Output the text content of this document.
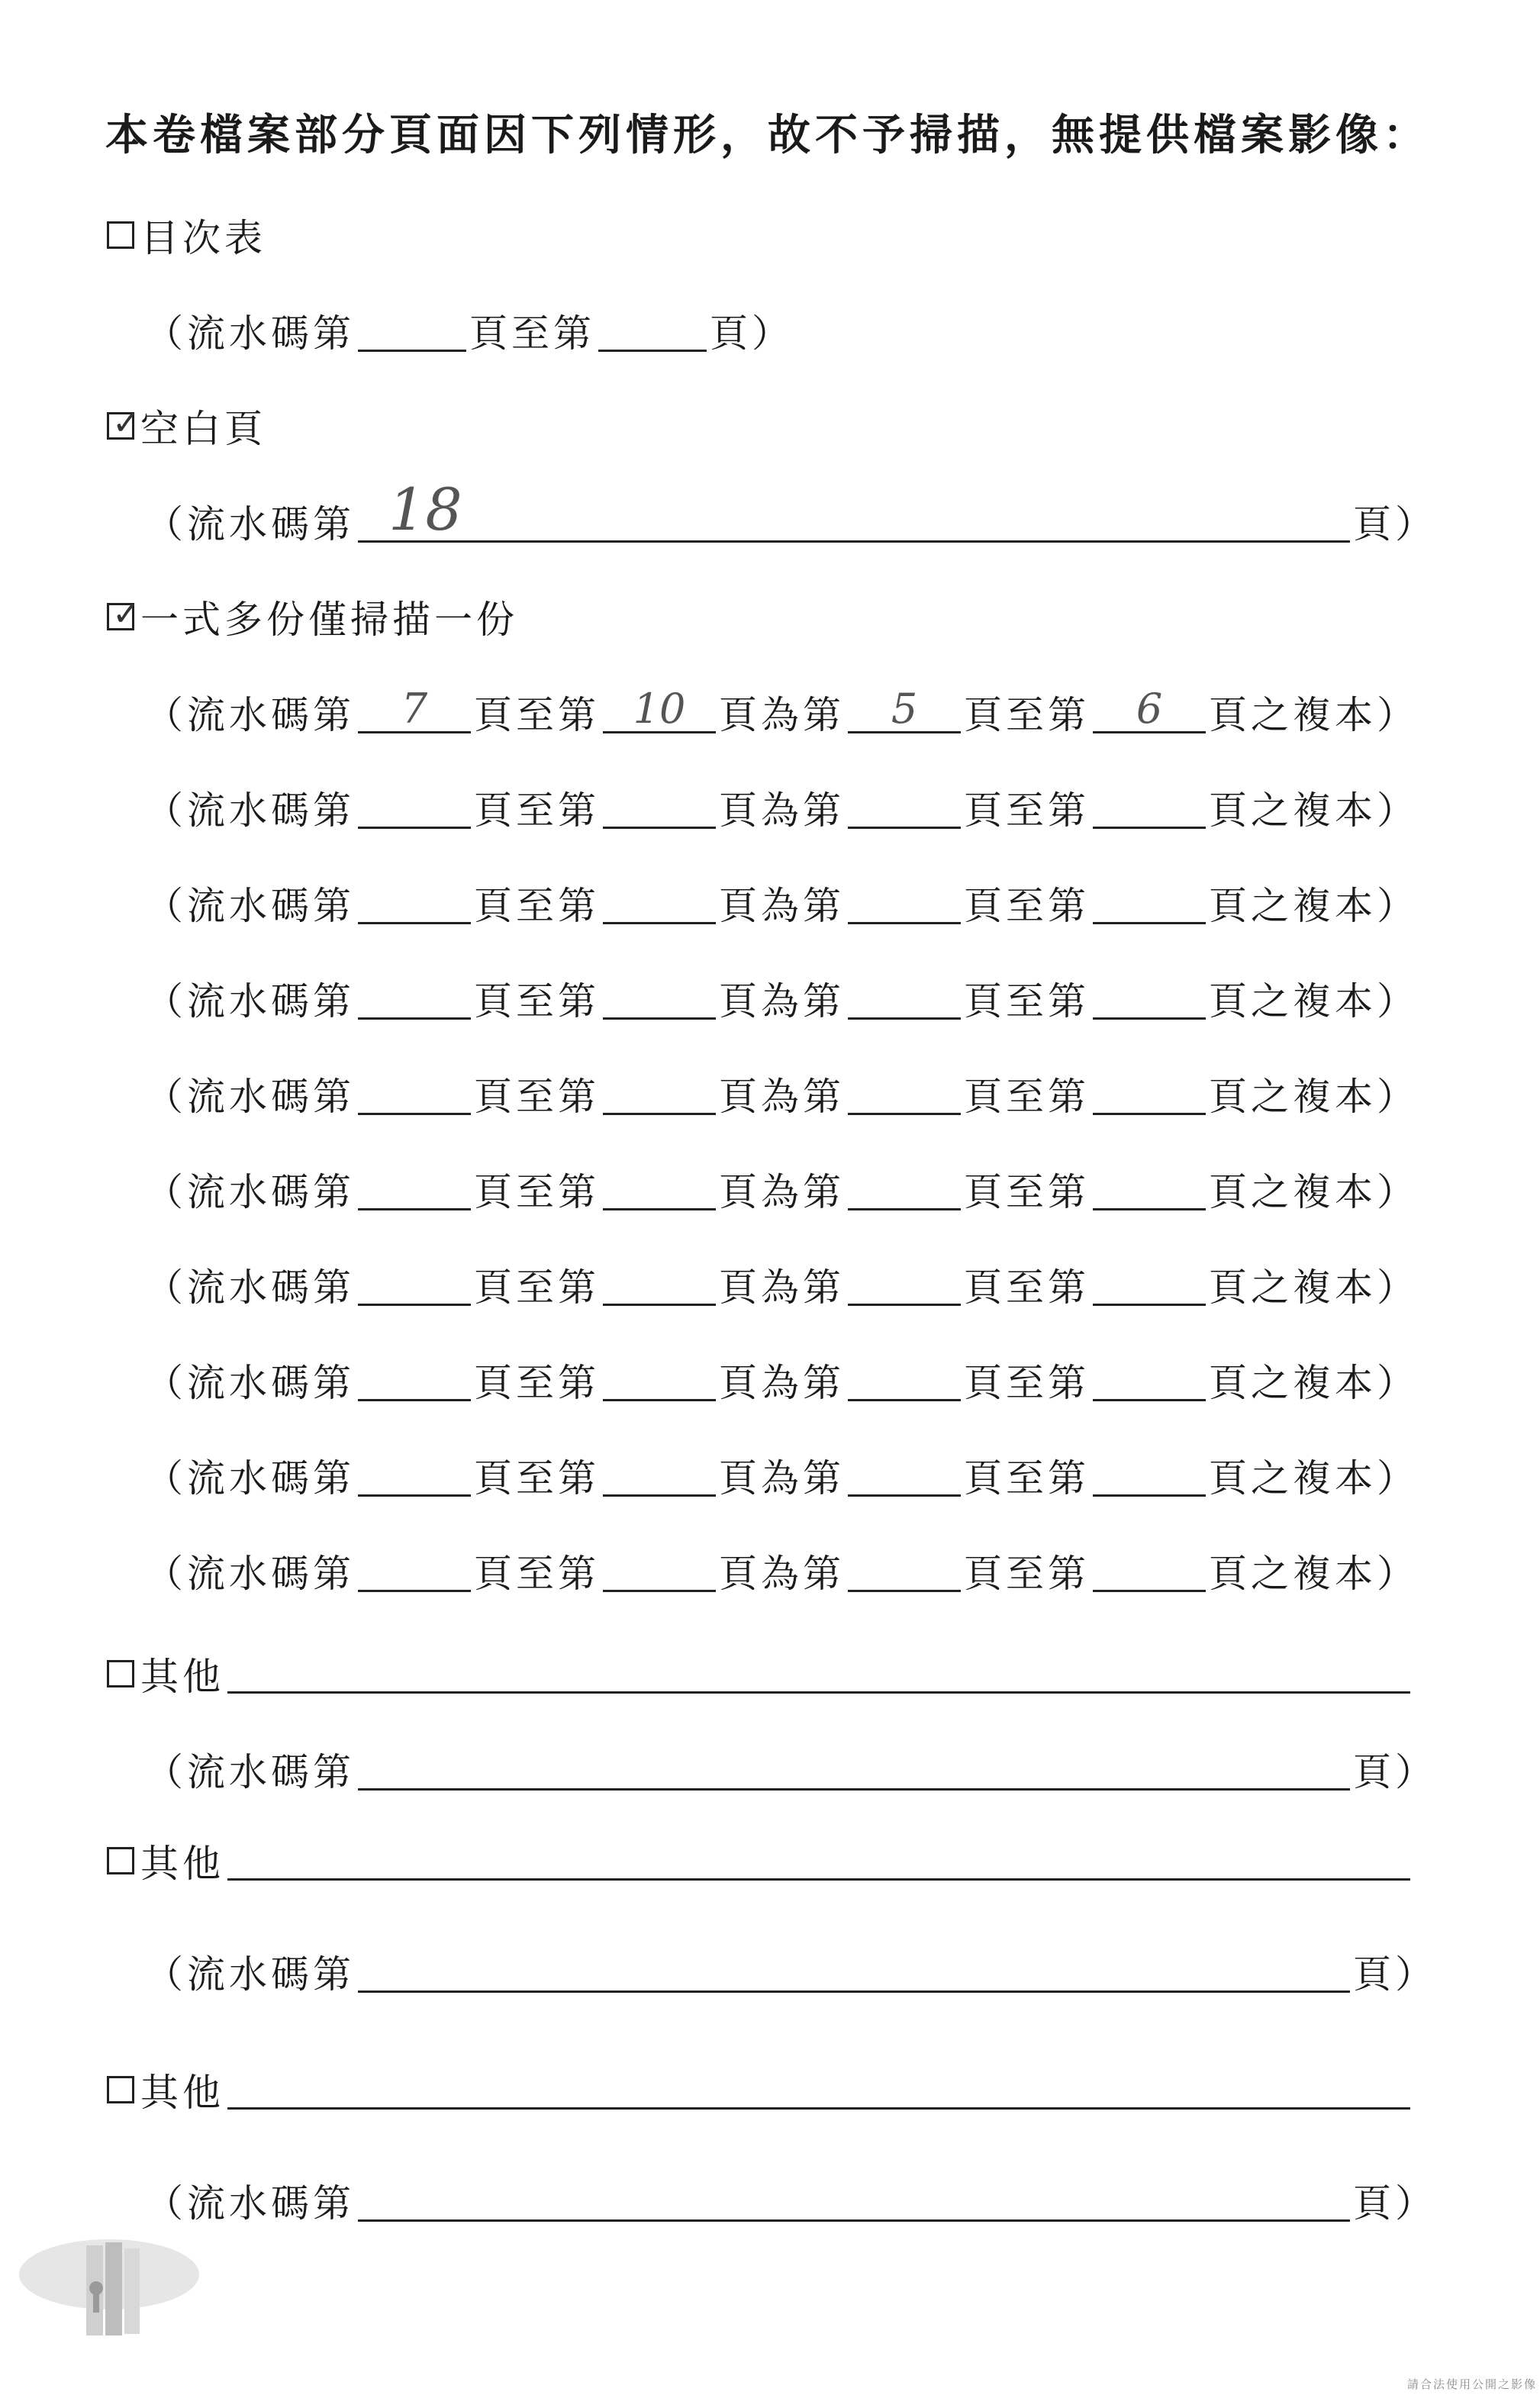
本卷檔案部分頁面因下列情形，故不予掃描，無提供檔案影像：
目次表
（流水碼第	頁至第	頁）
✓ 空白頁
（流水碼第 18	頁）
✓ 一式多份僅掃描一份
（流水碼第 7 頁至第 10 頁為第 5 頁至第 6 頁之複本）
（流水碼第	頁至第	頁為第	頁至第	頁之複本）
（流水碼第	頁至第	頁為第	頁至第	頁之複本）
（流水碼第	頁至第	頁為第	頁至第	頁之複本）
（流水碼第	頁至第	頁為第	頁至第	頁之複本）
（流水碼第	頁至第	頁為第	頁至第	頁之複本）
（流水碼第	頁至第	頁為第	頁至第	頁之複本）
（流水碼第	頁至第	頁為第	頁至第	頁之複本）
（流水碼第	頁至第	頁為第	頁至第	頁之複本）
（流水碼第	頁至第	頁為第	頁至第	頁之複本）
其他
（流水碼第	頁）
其他
（流水碼第	頁）
其他
（流水碼第	頁）
請合法使用公開之影像
